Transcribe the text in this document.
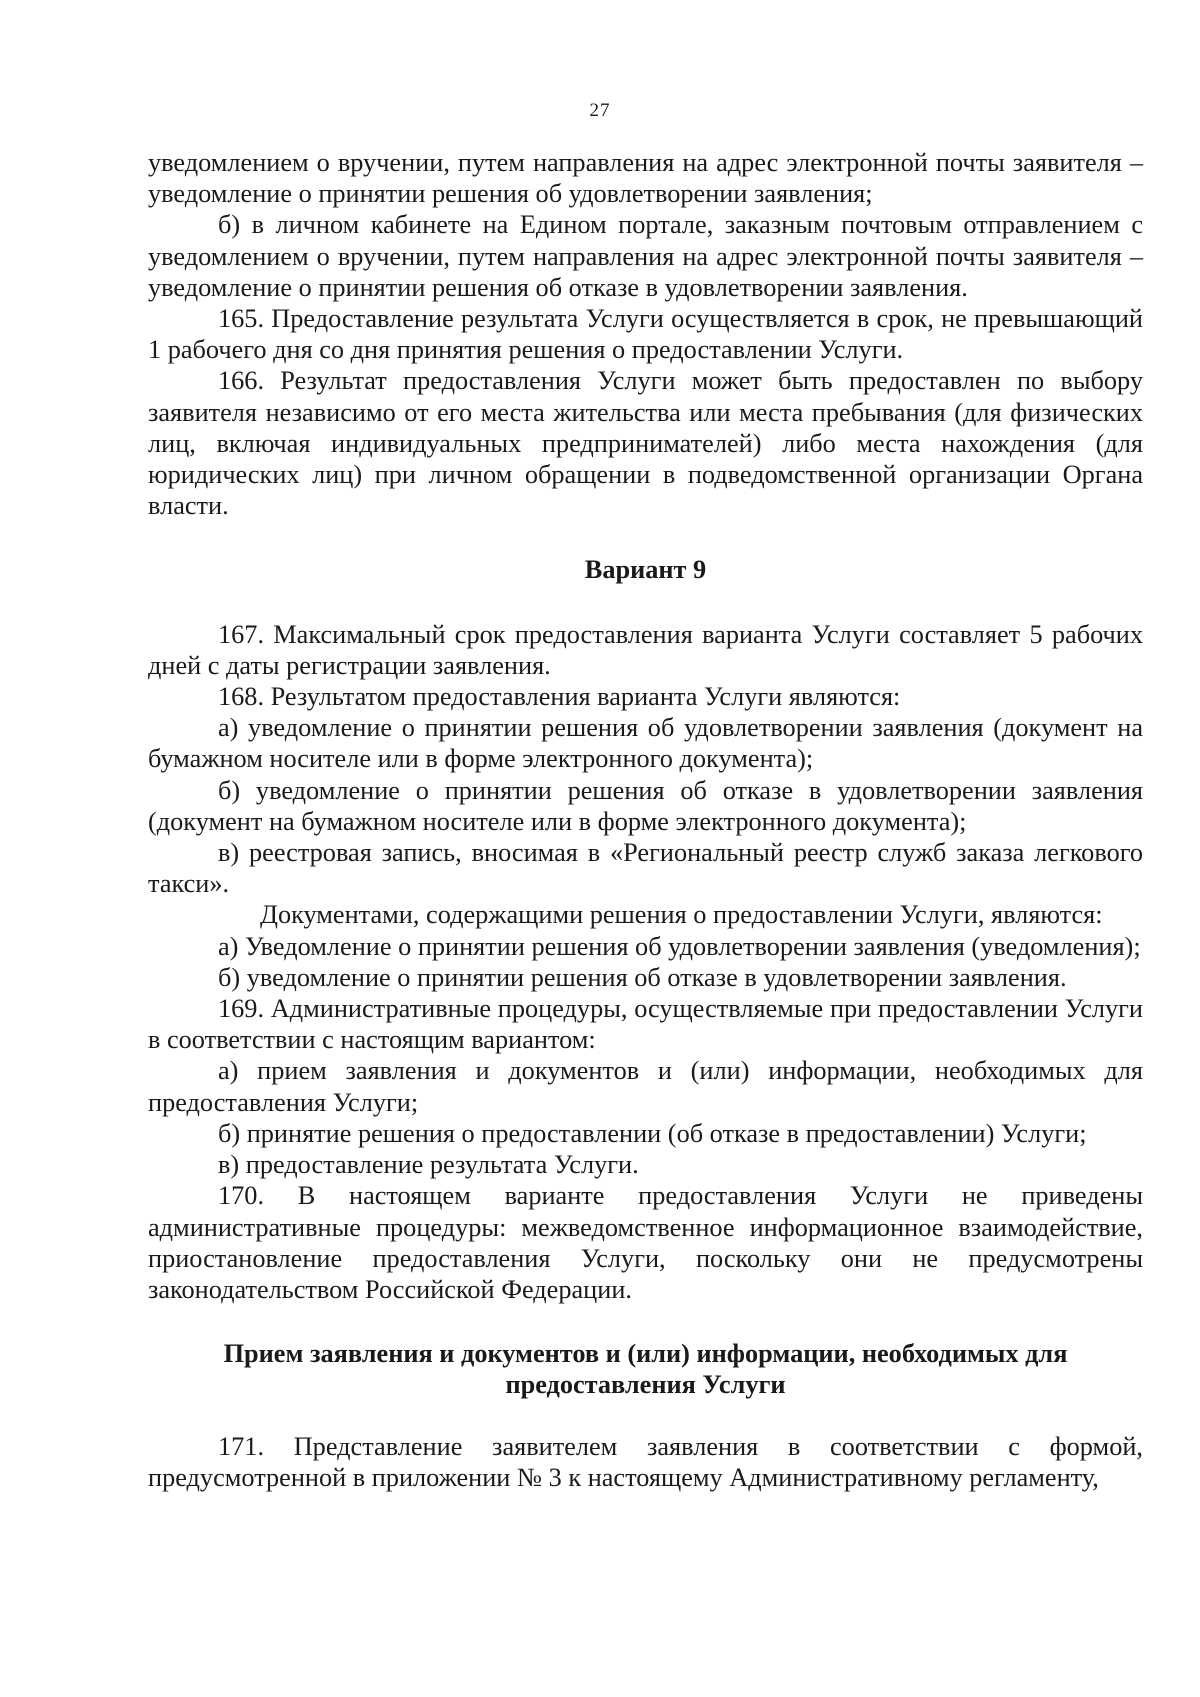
27

уведомлением о вручении, путем направления на адрес электронной почты заявителя – уведомление о принятии решения об удовлетворении заявления;

б) в личном кабинете на Едином портале, заказным почтовым отправлением с уведомлением о вручении, путем направления на адрес электронной почты заявителя – уведомление о принятии решения об отказе в удовлетворении заявления.

165. Предоставление результата Услуги осуществляется в срок, не превышающий 1 рабочего дня со дня принятия решения о предоставлении Услуги.

166. Результат предоставления Услуги может быть предоставлен по выбору заявителя независимо от его места жительства или места пребывания (для физических лиц, включая индивидуальных предпринимателей) либо места нахождения (для юридических лиц) при личном обращении в подведомственной организации Органа власти.

Вариант 9

167. Максимальный срок предоставления варианта Услуги составляет 5 рабочих дней с даты регистрации заявления.

168. Результатом предоставления варианта Услуги являются:

а) уведомление о принятии решения об удовлетворении заявления (документ на бумажном носителе или в форме электронного документа);

б) уведомление о принятии решения об отказе в удовлетворении заявления (документ на бумажном носителе или в форме электронного документа);

в) реестровая запись, вносимая в «Региональный реестр служб заказа легкового такси».

Документами, содержащими решения о предоставлении Услуги, являются:

а) Уведомление о принятии решения об удовлетворении заявления (уведомления);

б) уведомление о принятии решения об отказе в удовлетворении заявления.

169. Административные процедуры, осуществляемые при предоставлении Услуги в соответствии с настоящим вариантом:

а) прием заявления и документов и (или) информации, необходимых для предоставления Услуги;

б) принятие решения о предоставлении (об отказе в предоставлении) Услуги;

в) предоставление результата Услуги.

170. В настоящем варианте предоставления Услуги не приведены административные процедуры: межведомственное информационное взаимодействие, приостановление предоставления Услуги, поскольку они не предусмотрены законодательством Российской Федерации.

Прием заявления и документов и (или) информации, необходимых для
предоставления Услуги

171. Представление заявителем заявления в соответствии с формой, предусмотренной в приложении № 3 к настоящему Административному регламенту,
